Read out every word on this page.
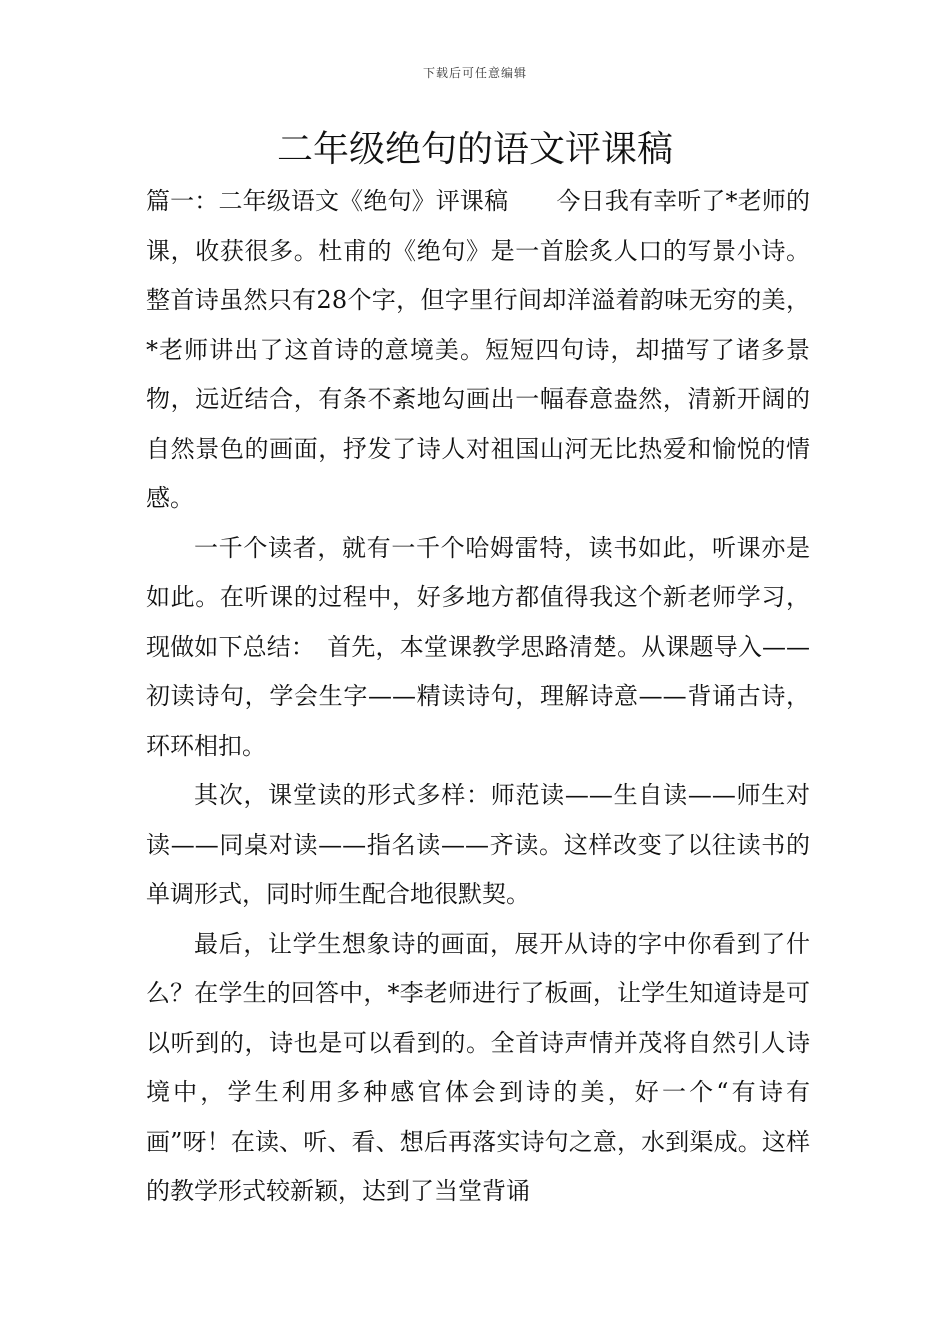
下载后可任意编辑
二年级绝句的语文评课稿

篇一：二年级语文《绝句》评课稿　　今日我有幸听了*老师的课，收获很多。杜甫的《绝句》是一首脍炙人口的写景小诗。整首诗虽然只有28个字，但字里行间却洋溢着韵味无穷的美，*老师讲出了这首诗的意境美。短短四句诗，却描写了诸多景物，远近结合，有条不紊地勾画出一幅春意盎然，清新开阔的自然景色的画面，抒发了诗人对祖国山河无比热爱和愉悦的情感。

一千个读者，就有一千个哈姆雷特，读书如此，听课亦是如此。在听课的过程中，好多地方都值得我这个新老师学习，现做如下总结：　首先，本堂课教学思路清楚。从课题导入——初读诗句，学会生字——精读诗句，理解诗意——背诵古诗，环环相扣。

其次，课堂读的形式多样：师范读——生自读——师生对读——同桌对读——指名读——齐读。这样改变了以往读书的单调形式，同时师生配合地很默契。

最后，让学生想象诗的画面，展开从诗的字中你看到了什么？在学生的回答中，*李老师进行了板画，让学生知道诗是可以听到的，诗也是可以看到的。全首诗声情并茂将自然引人诗境中，学生利用多种感官体会到诗的美，好一个“有诗有画”呀！在读、听、看、想后再落实诗句之意，水到渠成。这样的教学形式较新颖，达到了当堂背诵
